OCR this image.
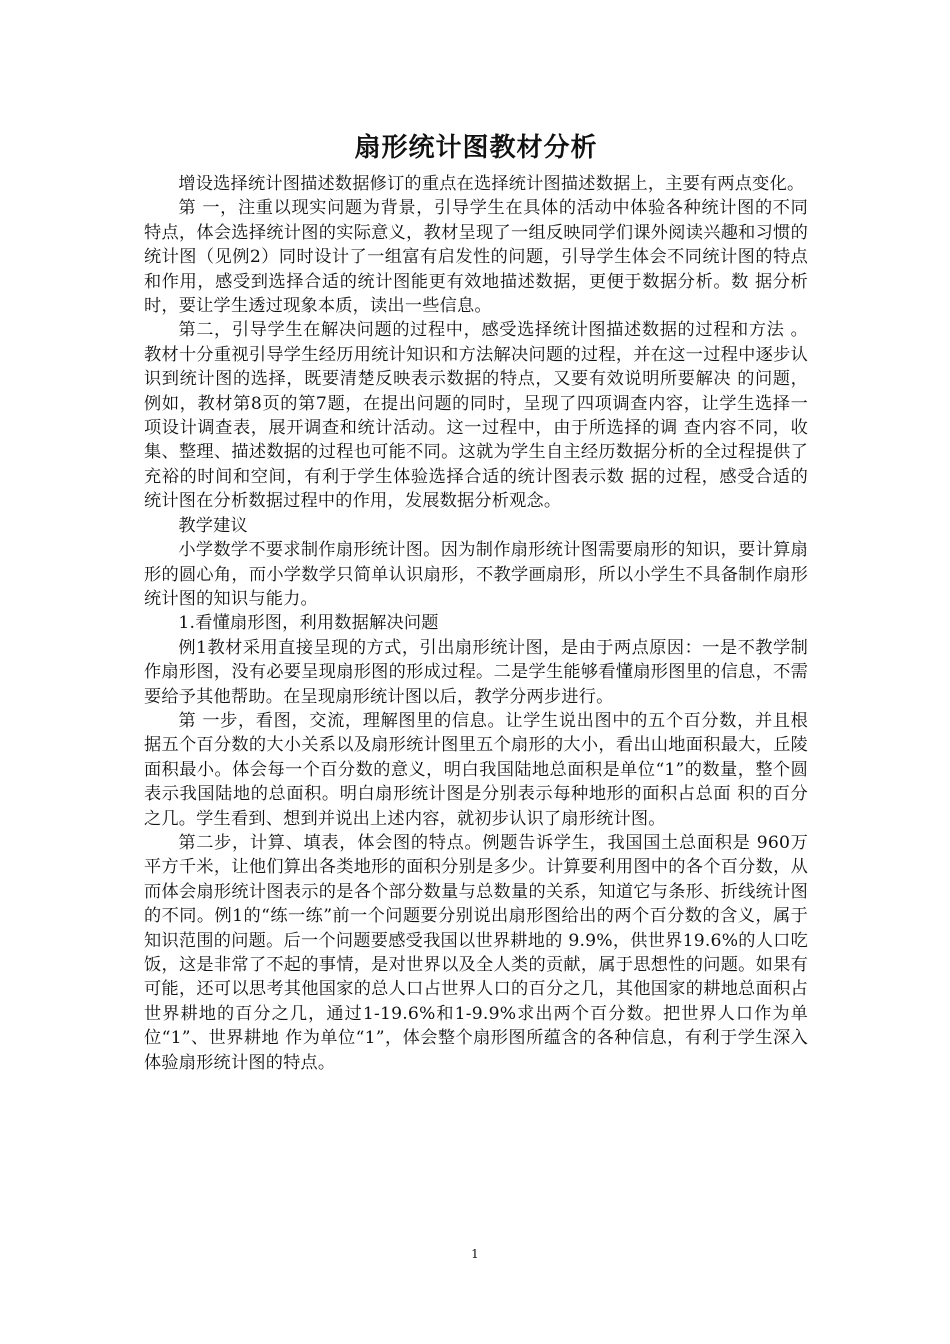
扇形统计图教材分析

增设选择统计图描述数据修订的重点在选择统计图描述数据上，主要有两点变化。

第 一，注重以现实问题为背景，引导学生在具体的活动中体验各种统计图的不同特点，体会选择统计图的实际意义，教材呈现了一组反映同学们课外阅读兴趣和习惯的 统计图（见例2）同时设计了一组富有启发性的问题，引导学生体会不同统计图的特点和作用，感受到选择合适的统计图能更有效地描述数据，更便于数据分析。数 据分析时，要让学生透过现象本质，读出一些信息。

第二，引导学生在解决问题的过程中，感受选择统计图描述数据的过程和方法 。教材十分重视引导学生经历用统计知识和方法解决问题的过程，并在这一过程中逐步认识到统计图的选择，既要清楚反映表示数据的特点，又要有效说明所要解决 的问题，例如，教材第8页的第7题，在提出问题的同时，呈现了四项调查内容，让学生选择一项设计调查表，展开调查和统计活动。这一过程中，由于所选择的调 查内容不同，收集、整理、描述数据的过程也可能不同。这就为学生自主经历数据分析的全过程提供了充裕的时间和空间，有利于学生体验选择合适的统计图表示数 据的过程，感受合适的统计图在分析数据过程中的作用，发展数据分析观念。

教学建议

小学数学不要求制作扇形统计图。因为制作扇形统计图需要扇形的知识，要计算扇形的圆心角，而小学数学只简单认识扇形，不教学画扇形，所以小学生不具备制作扇形统计图的知识与能力。

1.看懂扇形图，利用数据解决问题

例1教材采用直接呈现的方式，引出扇形统计图，是由于两点原因：一是不教学制作扇形图，没有必要呈现扇形图的形成过程。二是学生能够看懂扇形图里的信息，不需要给予其他帮助。在呈现扇形统计图以后，教学分两步进行。

第 一步，看图，交流，理解图里的信息。让学生说出图中的五个百分数，并且根据五个百分数的大小关系以及扇形统计图里五个扇形的大小，看出山地面积最大，丘陵 面积最小。体会每一个百分数的意义，明白我国陆地总面积是单位“1”的数量，整个圆表示我国陆地的总面积。明白扇形统计图是分别表示每种地形的面积占总面 积的百分之几。学生看到、想到并说出上述内容，就初步认识了扇形统计图。

第二步，计算、填表，体会图的特点。例题告诉学生，我国国土总面积是 960万平方千米，让他们算出各类地形的面积分别是多少。计算要利用图中的各个百分数，从而体会扇形统计图表示的是各个部分数量与总数量的关系，知道它与条形、折线统计图的不同。例1的“练一练”前一个问题要分别说出扇形图给出的两个百分数的含义，属于知识范围的问题。后一个问题要感受我国以世界耕地的 9.9%，供世界19.6%的人口吃饭，这是非常了不起的事情，是对世界以及全人类的贡献，属于思想性的问题。如果有可能，还可以思考其他国家的总人口占世界人口的百分之几，其他国家的耕地总面积占世界耕地的百分之几，通过1-19.6%和1-9.9%求出两个百分数。把世界人口作为单位“1”、世界耕地 作为单位“1”，体会整个扇形图所蕴含的各种信息，有利于学生深入体验扇形统计图的特点。

1
